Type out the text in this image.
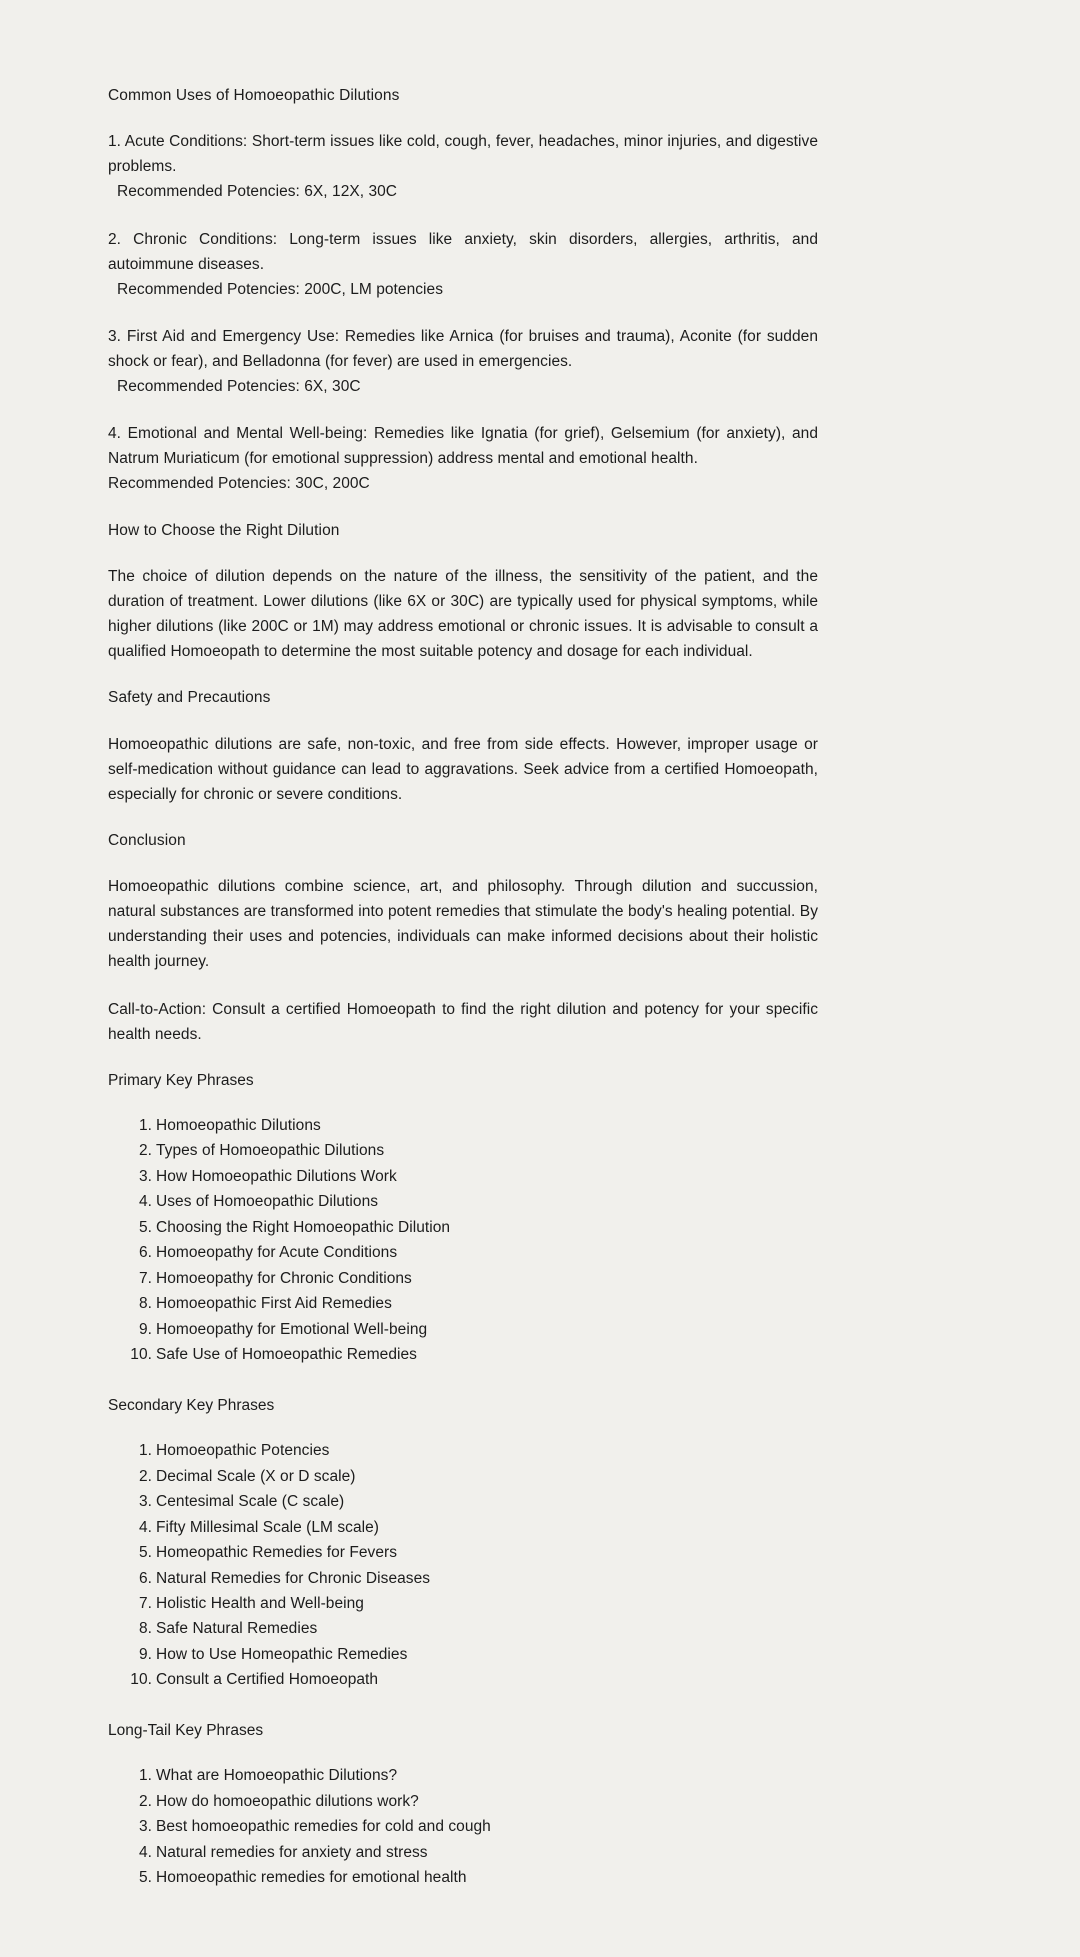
Common Uses of Homoeopathic Dilutions

1. Acute Conditions: Short-term issues like cold, cough, fever, headaches, minor injuries, and digestive problems.
Recommended Potencies: 6X, 12X, 30C
2. Chronic Conditions: Long-term issues like anxiety, skin disorders, allergies, arthritis, and autoimmune diseases.
Recommended Potencies: 200C, LM potencies
3. First Aid and Emergency Use: Remedies like Arnica (for bruises and trauma), Aconite (for sudden shock or fear), and Belladonna (for fever) are used in emergencies.
Recommended Potencies: 6X, 30C
4. Emotional and Mental Well-being: Remedies like Ignatia (for grief), Gelsemium (for anxiety), and Natrum Muriaticum (for emotional suppression) address mental and emotional health.
Recommended Potencies: 30C, 200C

How to Choose the Right Dilution

The choice of dilution depends on the nature of the illness, the sensitivity of the patient, and the duration of treatment. Lower dilutions (like 6X or 30C) are typically used for physical symptoms, while higher dilutions (like 200C or 1M) may address emotional or chronic issues. It is advisable to consult a qualified Homoeopath to determine the most suitable potency and dosage for each individual.

Safety and Precautions

Homoeopathic dilutions are safe, non-toxic, and free from side effects. However, improper usage or self-medication without guidance can lead to aggravations. Seek advice from a certified Homoeopath, especially for chronic or severe conditions.

Conclusion

Homoeopathic dilutions combine science, art, and philosophy. Through dilution and succussion, natural substances are transformed into potent remedies that stimulate the body's healing potential. By understanding their uses and potencies, individuals can make informed decisions about their holistic health journey.

Call-to-Action: Consult a certified Homoeopath to find the right dilution and potency for your specific health needs.

Primary Key Phrases

Homoeopathic Dilutions
Types of Homoeopathic Dilutions
How Homoeopathic Dilutions Work
Uses of Homoeopathic Dilutions
Choosing the Right Homoeopathic Dilution
Homoeopathy for Acute Conditions
Homoeopathy for Chronic Conditions
Homoeopathic First Aid Remedies
Homoeopathy for Emotional Well-being
Safe Use of Homoeopathic Remedies

Secondary Key Phrases

Homoeopathic Potencies
Decimal Scale (X or D scale)
Centesimal Scale (C scale)
Fifty Millesimal Scale (LM scale)
Homeopathic Remedies for Fevers
Natural Remedies for Chronic Diseases
Holistic Health and Well-being
Safe Natural Remedies
How to Use Homeopathic Remedies
Consult a Certified Homoeopath

Long-Tail Key Phrases

What are Homoeopathic Dilutions?
How do homoeopathic dilutions work?
Best homoeopathic remedies for cold and cough
Natural remedies for anxiety and stress
Homoeopathic remedies for emotional health
